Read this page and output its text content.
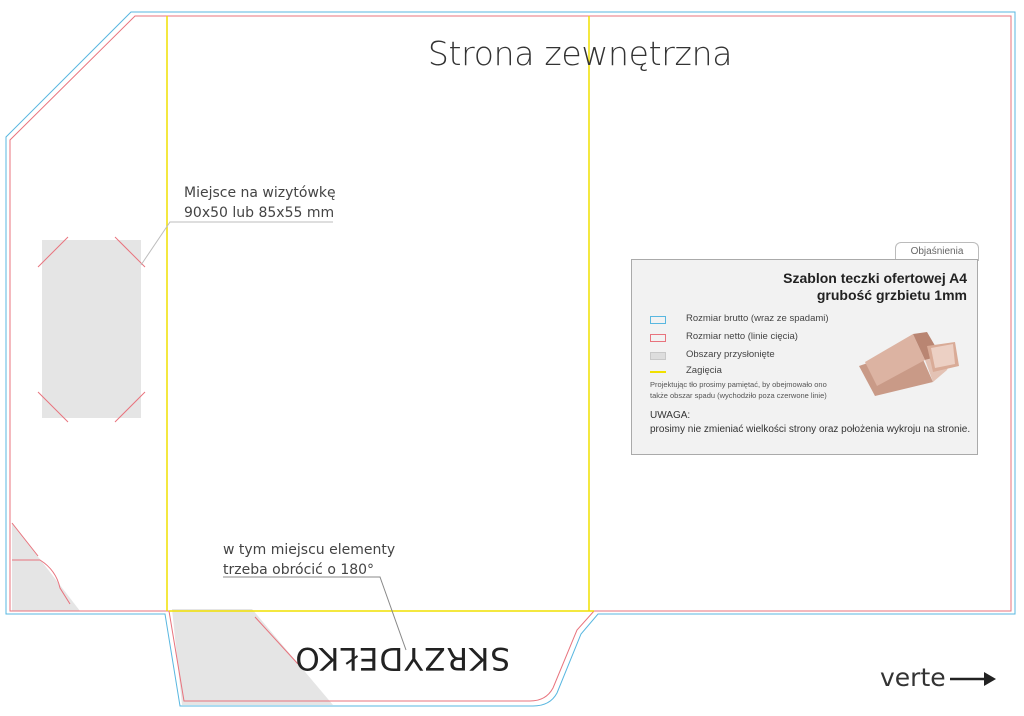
Strona zewnętrzna
Miejsce na wizytówkę
90x50 lub 85x55 mm
w tym miejscu elementy
trzeba obrócić o 180°
SKRZYDEŁKO
verte
Objaśnienia
Szablon teczki ofertowej A4
grubość grzbietu 1mm
Rozmiar brutto (wraz ze spadami)
Rozmiar netto (linie cięcia)
Obszary przysłonięte
Zagięcia
Projektując tło prosimy pamiętać, by obejmowało ono
także obszar spadu (wychodziło poza czerwone linie)
UWAGA:
prosimy nie zmieniać wielkości strony oraz położenia wykroju na stronie.
